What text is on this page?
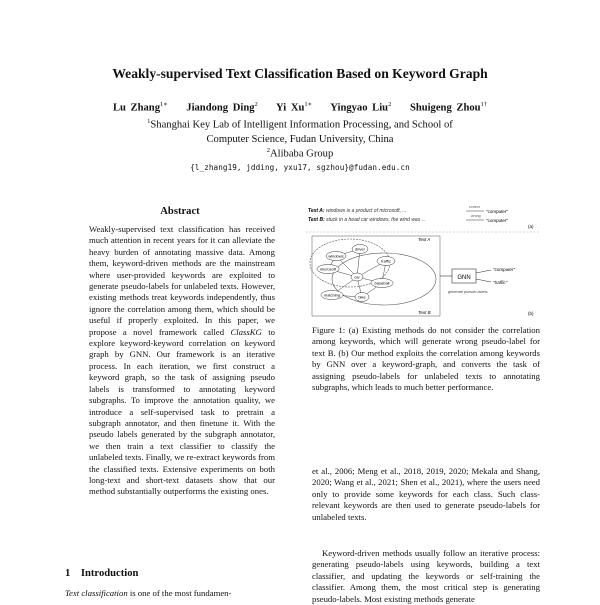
Weakly-supervised Text Classification Based on Keyword Graph
Lu Zhang$^{1∗}$ Jiandong Ding$^2$ Yi $Xu^{1∗}$ Yingyao Liu$^2$ Shuigeng Zhou$^{1\dagger}$
$^1$Shanghai Key Lab of Intelligent Information Processing, and School of
Computer Science, Fudan University, China
$^2$Alibaba Group
{l_zhang19, jdding, yxu17, sgzhou}@fudan.edu.cn
Abstract
Weakly-supervised text classification has received much attention in recent years for it can alleviate the heavy burden of annotating massive data. Among them, keyword-driven methods are the mainstream where user-provided keywords are exploited to generate pseudo-labels for unlabeled texts. However, existing methods treat keywords independently, thus ignore the correlation among them, which should be useful if properly exploited. In this paper, we propose a novel framework called ClassKG to explore keyword-keyword correlation on keyword graph by GNN. Our framework is an iterative process. In each iteration, we first construct a keyword graph, so the task of assigning pseudo labels is transformed to annotating keyword subgraphs. To improve the annotation quality, we introduce a self-supervised task to pretrain a subgraph annotator, and then finetune it. With the pseudo labels generated by the subgraph annotator, we then train a text classifier to classify the unlabeled texts. Finally, we re-extract keywords from the classified texts. Extensive experiments on both long-text and short-text datasets show that our method substantially outperforms the existing ones.
Text A: windows is a product of microsoft, ...
Text B: stuck in a head car windows, the wind was ...
correct
wrong
"computer"
"computer"
(a)
Text A
Text B
windows
driver
microsoft
car
traffic
baseball
matching	bike
GNN
"computer"
"traffic"
generate pseudo labels
(b)
Figure 1: (a) Existing methods do not consider the correlation among keywords, which will generate wrong pseudo-label for text B. (b) Our method exploits the correlation among keywords by GNN over a keyword-graph, and converts the task of assigning pseudo-labels for unlabeled texts to annotating subgraphs, which leads to much better performance.
et al., 2006; Meng et al., 2018, 2019, 2020; Mekala and Shang, 2020; Wang et al., 2021; Shen et al., 2021), where the users need only to provide some keywords for each class. Such class-relevant keywords are then used to generate pseudo-labels for unlabeled texts.
Keyword-driven methods usually follow an iterative process: generating pseudo-labels using keywords, building a text classifier, and updating the keywords or self-training the classifier. Among them, the most critical step is generating pseudo-labels. Most existing methods generate
1 Introduction
Text classification is one of the most fundamen-
